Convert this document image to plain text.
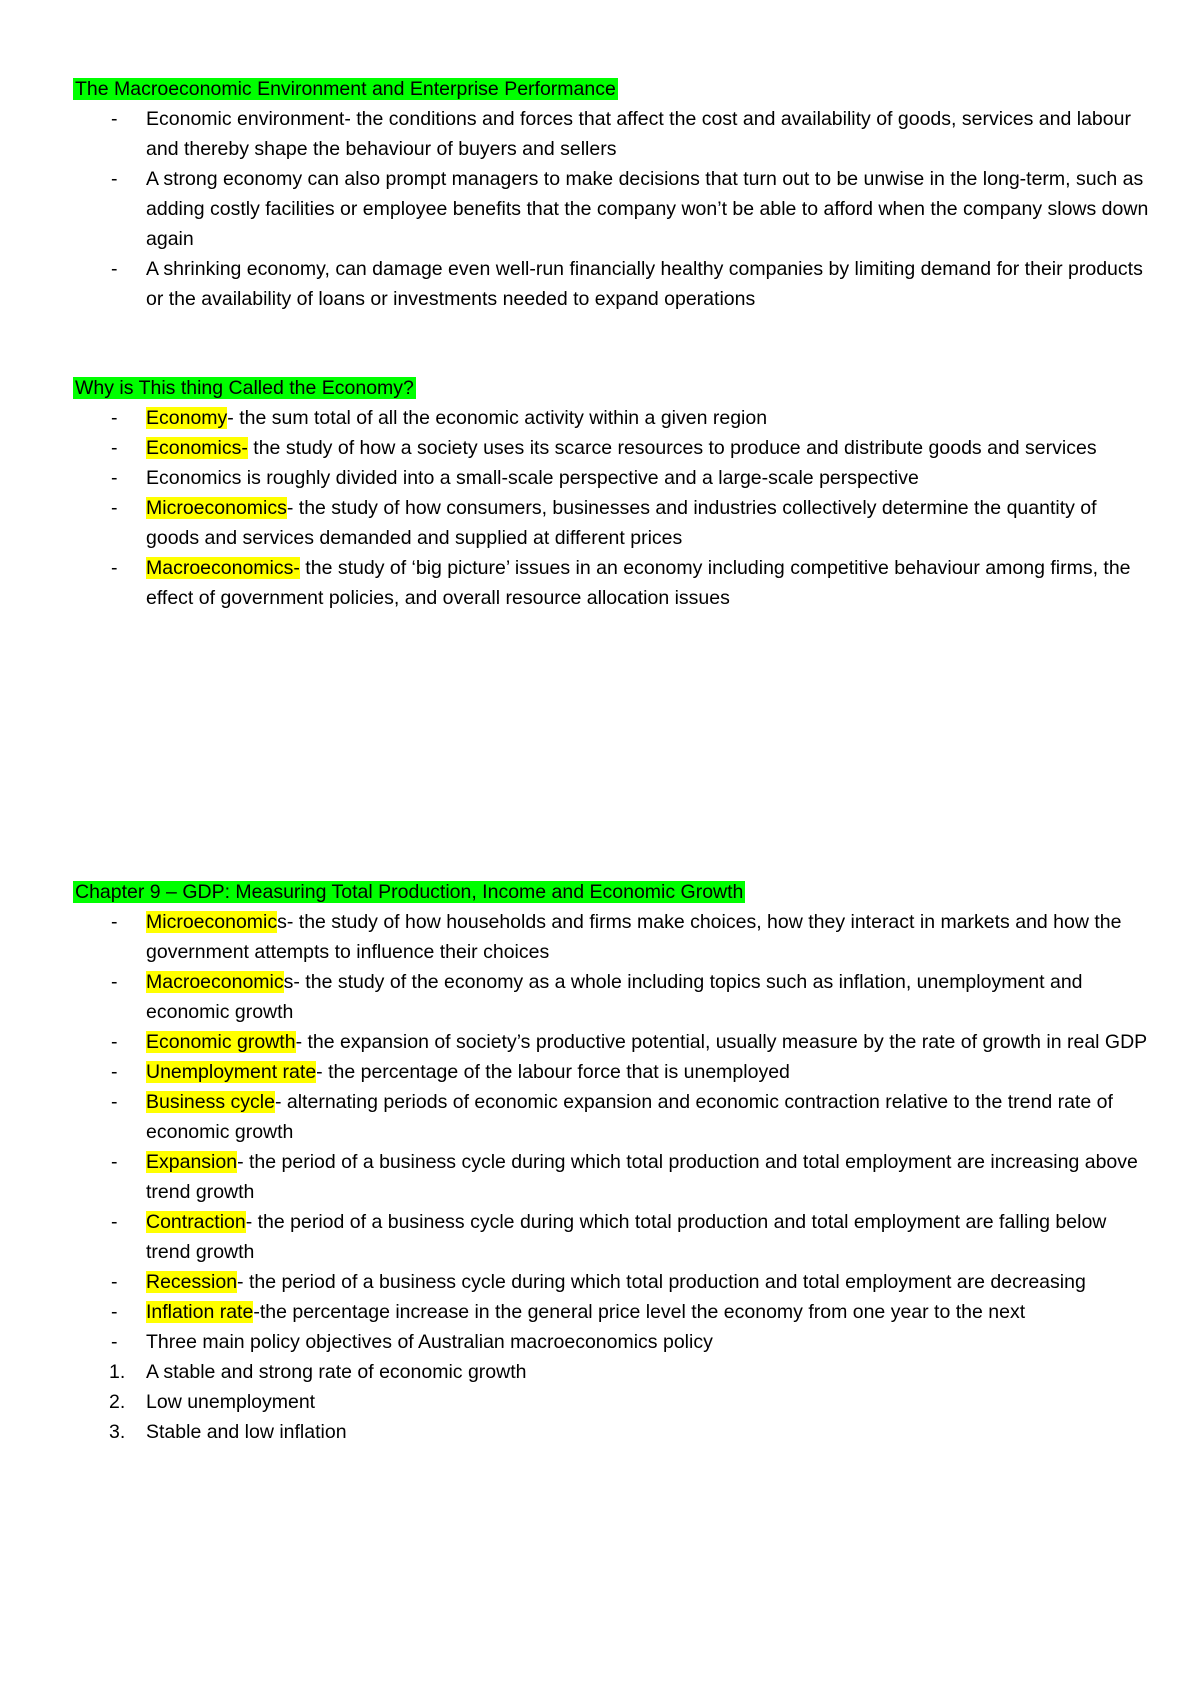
The Macroeconomic Environment and Enterprise Performance
-	Economic environment- the conditions and forces that affect the cost and availability of goods, services and labour and thereby shape the behaviour of buyers and sellers
-	A strong economy can also prompt managers to make decisions that turn out to be unwise in the long-term, such as adding costly facilities or employee benefits that the company won’t be able to afford when the company slows down again
-	A shrinking economy, can damage even well-run financially healthy companies by limiting demand for their products or the availability of loans or investments needed to expand operations
Why is This thing Called the Economy?
-	Economy- the sum total of all the economic activity within a given region
-	Economics- the study of how a society uses its scarce resources to produce and distribute goods and services
-	Economics is roughly divided into a small-scale perspective and a large-scale perspective
-	Microeconomics- the study of how consumers, businesses and industries collectively determine the quantity of goods and services demanded and supplied at different prices
-	Macroeconomics- the study of ‘big picture’ issues in an economy including competitive behaviour among firms, the effect of government policies, and overall resource allocation issues
Chapter 9 – GDP: Measuring Total Production, Income and Economic Growth
-	Microeconomics- the study of how households and firms make choices, how they interact in markets and how the government attempts to influence their choices
-	Macroeconomics- the study of the economy as a whole including topics such as inflation, unemployment and economic growth
-	Economic growth- the expansion of society’s productive potential, usually measure by the rate of growth in real GDP
-	Unemployment rate- the percentage of the labour force that is unemployed
-	Business cycle- alternating periods of economic expansion and economic contraction relative to the trend rate of economic growth
-	Expansion- the period of a business cycle during which total production and total employment are increasing above trend growth
-	Contraction- the period of a business cycle during which total production and total employment are falling below trend growth
-	Recession- the period of a business cycle during which total production and total employment are decreasing
-	Inflation rate-the percentage increase in the general price level the economy from one year to the next
-	Three main policy objectives of Australian macroeconomics policy
1.	A stable and strong rate of economic growth
2.	Low unemployment
3.	Stable and low inflation
